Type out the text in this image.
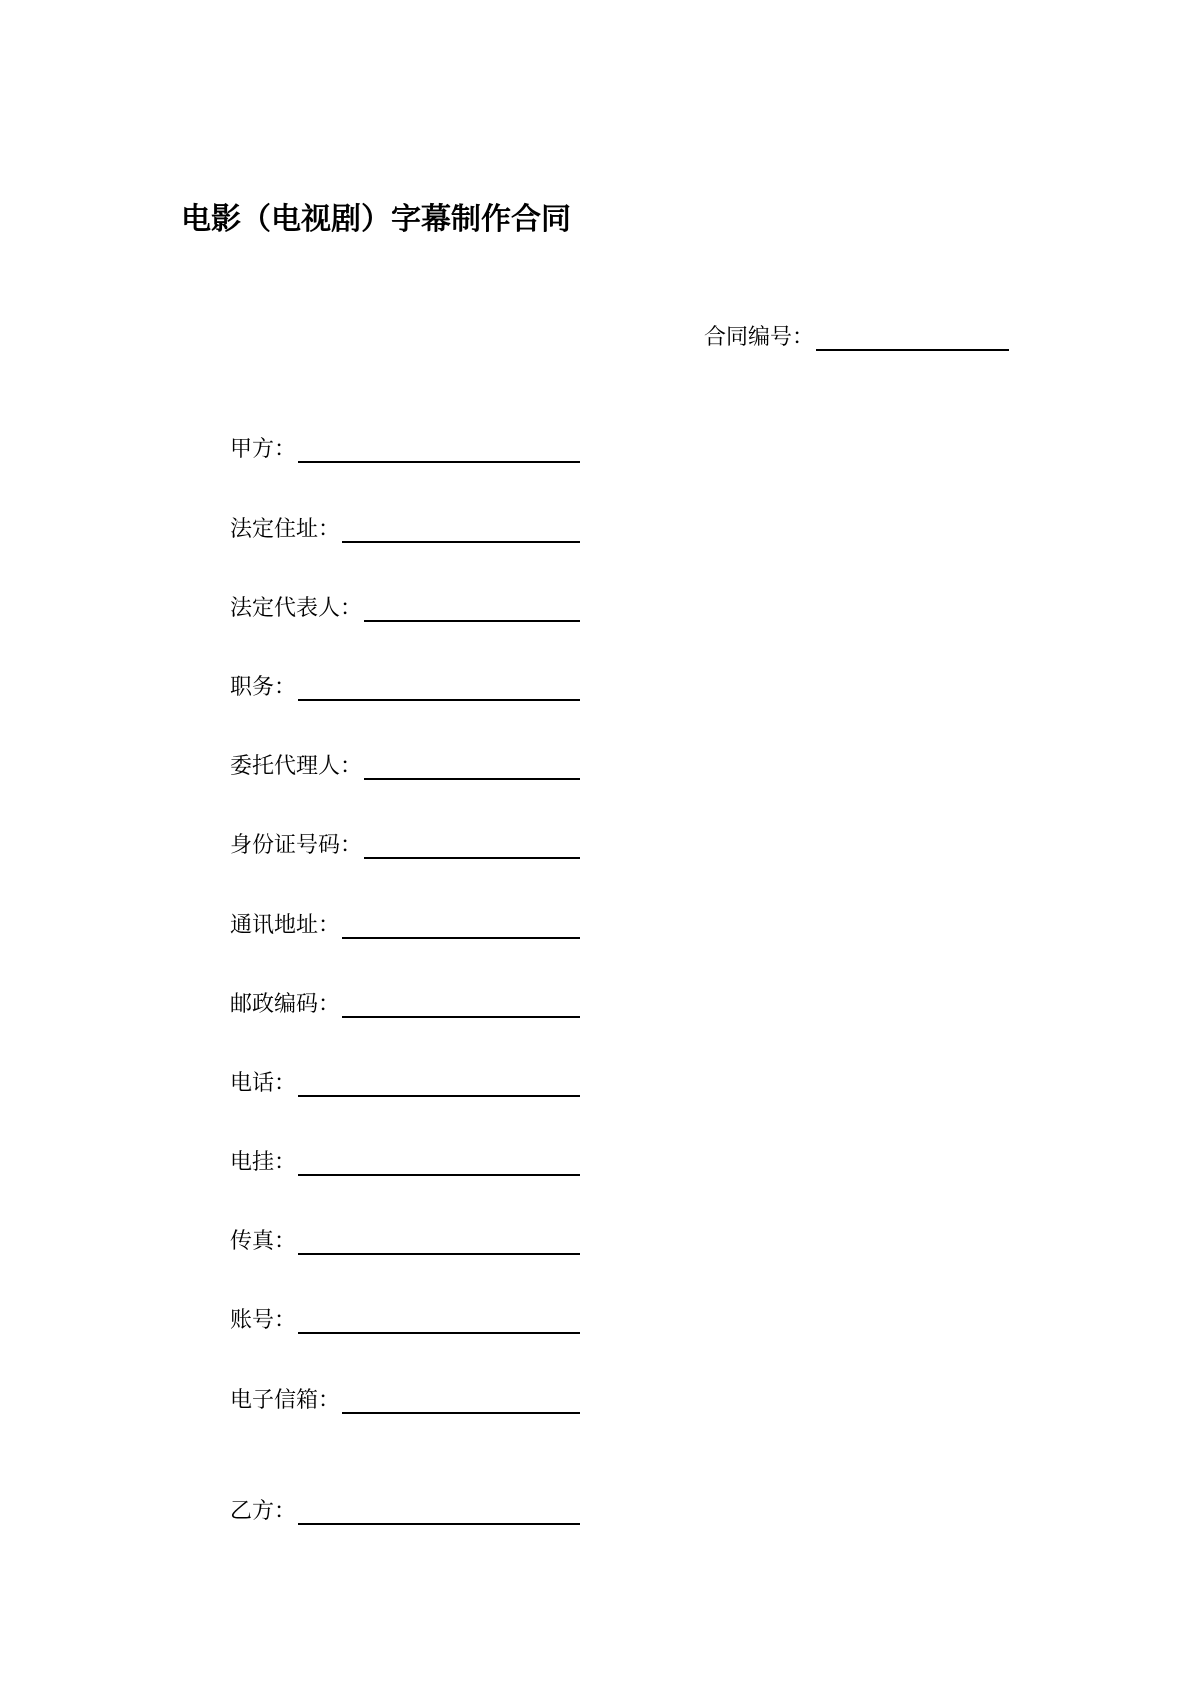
电影（电视剧）字幕制作合同
合同编号：
甲方：
法定住址：
法定代表人：
职务：
委托代理人：
身份证号码：
通讯地址：
邮政编码：
电话：
电挂：
传真：
账号：
电子信箱：
乙方：
